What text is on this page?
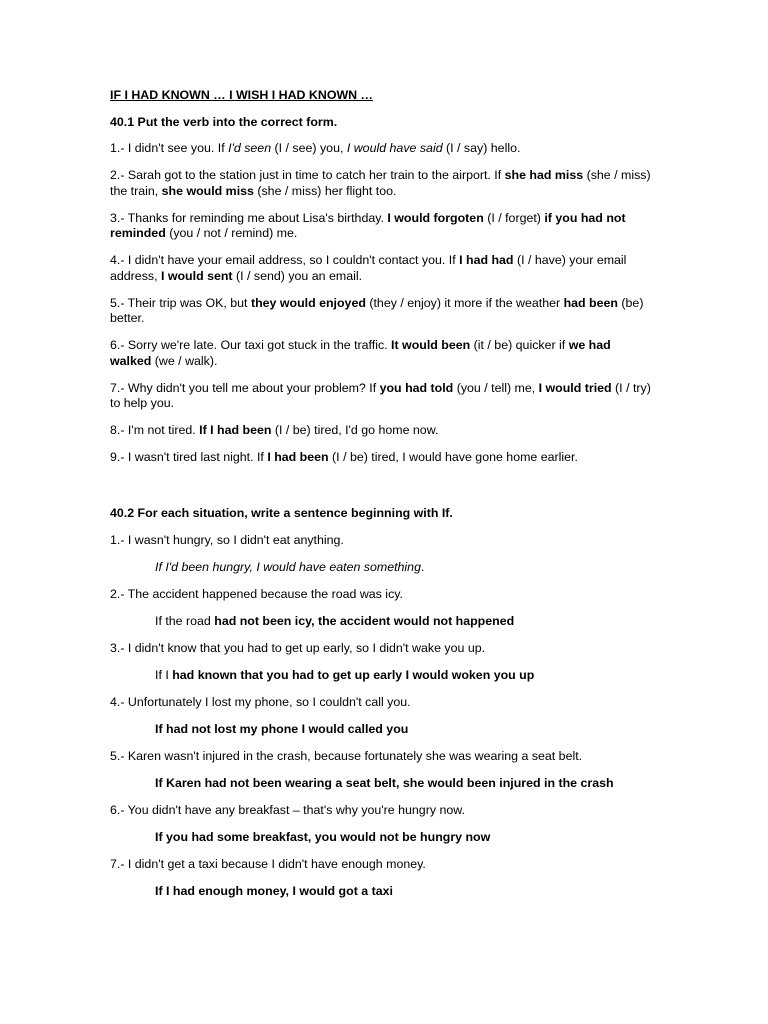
IF I HAD KNOWN … I WISH I HAD KNOWN …

40.1 Put the verb into the correct form.

1.- I didn't see you. If I'd seen (I / see) you, I would have said (I / say) hello.

2.- Sarah got to the station just in time to catch her train to the airport. If she had miss (she / miss) the train, she would miss (she / miss) her flight too.

3.- Thanks for reminding me about Lisa's birthday. I would forgoten (I / forget) if you had not reminded (you / not / remind) me.

4.- I didn't have your email address, so I couldn't contact you. If I had had (I / have) your email address, I would sent (I / send) you an email.

5.- Their trip was OK, but they would enjoyed (they / enjoy) it more if the weather had been (be) better.

6.- Sorry we're late. Our taxi got stuck in the traffic. It would been (it / be) quicker if we had walked (we / walk).

7.- Why didn't you tell me about your problem? If you had told (you / tell) me, I would tried (I / try) to help you.

8.- I'm not tired. If I had been (I / be) tired, I'd go home now.

9.- I wasn't tired last night. If I had been (I / be) tired, I would have gone home earlier.

40.2 For each situation, write a sentence beginning with If.

1.- I wasn't hungry, so I didn't eat anything.

If I'd been hungry, I would have eaten something.

2.- The accident happened because the road was icy.

If the road had not been icy, the accident would not happened

3.- I didn't know that you had to get up early, so I didn't wake you up.

If I had known that you had to get up early I would woken you up

4.- Unfortunately I lost my phone, so I couldn't call you.

If had not lost my phone I would called you

5.- Karen wasn't injured in the crash, because fortunately she was wearing a seat belt.

If Karen had not been wearing a seat belt, she would been injured in the crash

6.- You didn't have any breakfast – that's why you're hungry now.

If you had some breakfast, you would not be hungry now

7.- I didn't get a taxi because I didn't have enough money.

If I had enough money, I would got a taxi
